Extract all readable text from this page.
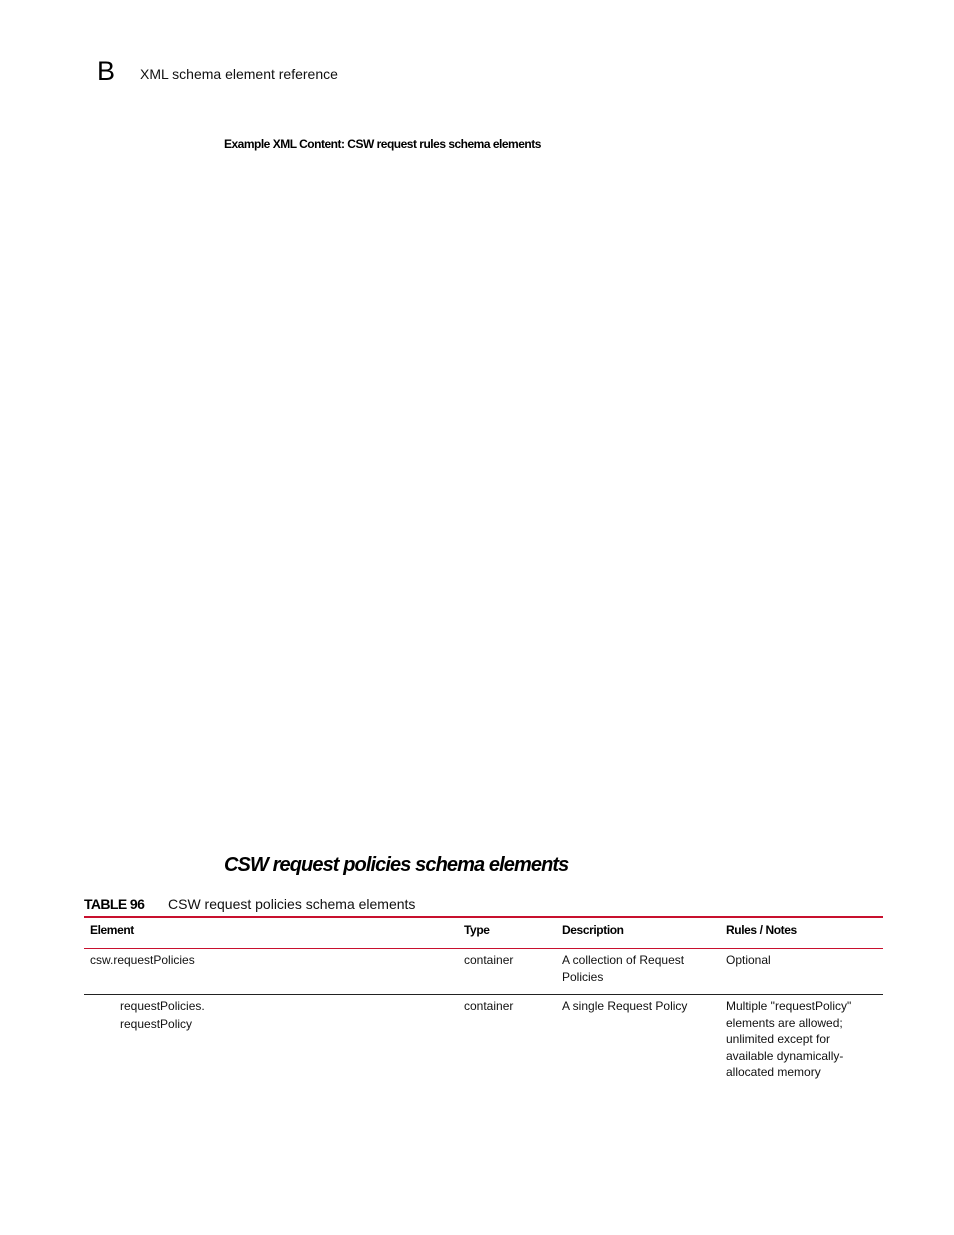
B XML schema element reference
Example XML Content: CSW request rules schema elements
CSW request policies schema elements
TABLE 96 CSW request policies schema elements
Element	Type	Description	Rules / Notes

csw.requestPolicies	container	A collection of Request Policies	Optional

requestPolicies.
requestPolicy	container	A single Request Policy	Multiple "requestPolicy" elements are allowed; unlimited except for available dynamically-allocated memory
